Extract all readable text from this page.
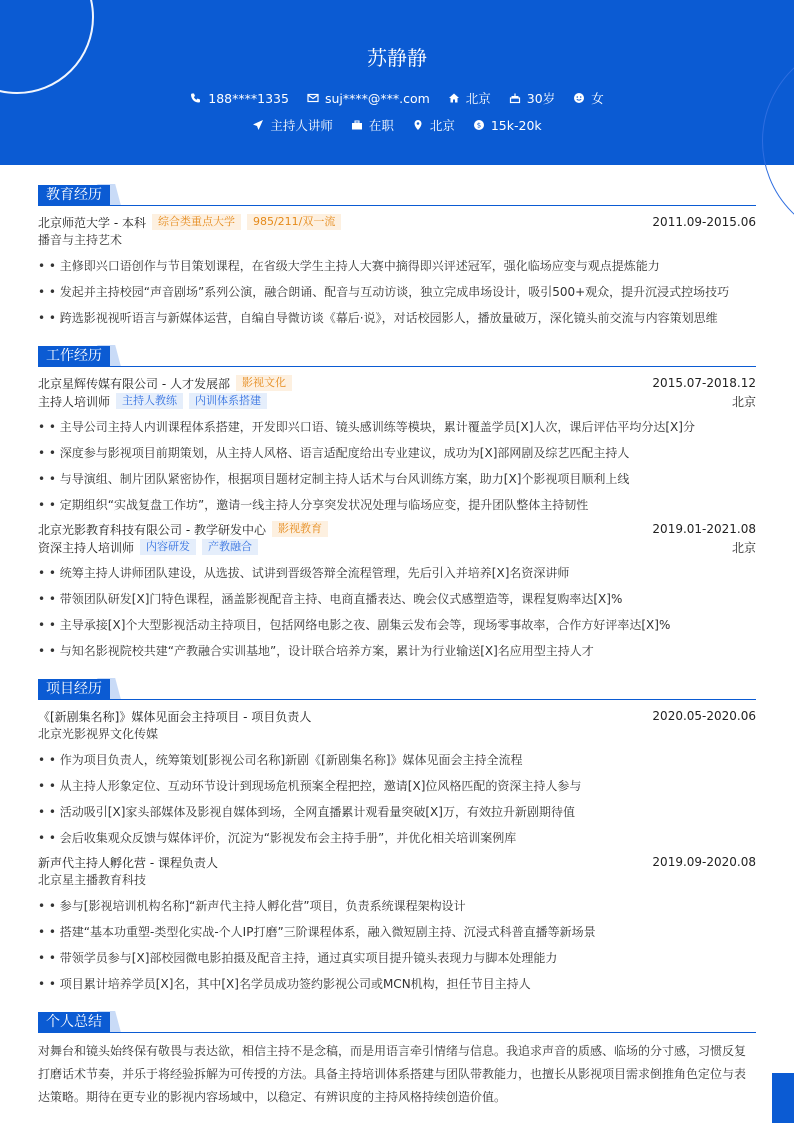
苏静静
188****1335	suj****@***.com	北京	30岁	女
主持人讲师	在职	北京	$ 15k-20k
教育经历
北京师范大学 - 本科	综合类重点大学	985/211/双一流	2011.09-2015.06
播音与主持艺术
• • 主修即兴口语创作与节目策划课程，在省级大学生主持人大赛中摘得即兴评述冠军，强化临场应变与观点提炼能力
• • 发起并主持校园“声音剧场”系列公演，融合朗诵、配音与互动访谈，独立完成串场设计，吸引500+观众，提升沉浸式控场技巧
• • 跨选影视视听语言与新媒体运营，自编自导微访谈《幕后·说》，对话校园影人，播放量破万，深化镜头前交流与内容策划思维
工作经历
北京星辉传媒有限公司 - 人才发展部	影视文化	2015.07-2018.12
主持人培训师	主持人教练	内训体系搭建	北京
• • 主导公司主持人内训课程体系搭建，开发即兴口语、镜头感训练等模块，累计覆盖学员[X]人次，课后评估平均分达[X]分
• • 深度参与影视项目前期策划，从主持人风格、语言适配度给出专业建议，成功为[X]部网剧及综艺匹配主持人
• • 与导演组、制片团队紧密协作，根据项目题材定制主持人话术与台风训练方案，助力[X]个影视项目顺利上线
• • 定期组织“实战复盘工作坊”，邀请一线主持人分享突发状况处理与临场应变，提升团队整体主持韧性
北京光影教育科技有限公司 - 教学研发中心	影视教育	2019.01-2021.08
资深主持人培训师	内容研发	产教融合	北京
• • 统筹主持人讲师团队建设，从选拔、试讲到晋级答辩全流程管理，先后引入并培养[X]名资深讲师
• • 带领团队研发[X]门特色课程，涵盖影视配音主持、电商直播表达、晚会仪式感塑造等，课程复购率达[X]%
• • 主导承接[X]个大型影视活动主持项目，包括网络电影之夜、剧集云发布会等，现场零事故率，合作方好评率达[X]%
• • 与知名影视院校共建“产教融合实训基地”，设计联合培养方案，累计为行业输送[X]名应用型主持人才
项目经历
《[新剧集名称]》媒体见面会主持项目 - 项目负责人	2020.05-2020.06
北京光影视界文化传媒
• • 作为项目负责人，统筹策划[影视公司名称]新剧《[新剧集名称]》媒体见面会主持全流程
• • 从主持人形象定位、互动环节设计到现场危机预案全程把控，邀请[X]位风格匹配的资深主持人参与
• • 活动吸引[X]家头部媒体及影视自媒体到场，全网直播累计观看量突破[X]万，有效拉升新剧期待值
• • 会后收集观众反馈与媒体评价，沉淀为“影视发布会主持手册”，并优化相关培训案例库
新声代主持人孵化营 - 课程负责人	2019.09-2020.08
北京星主播教育科技
• • 参与[影视培训机构名称]“新声代主持人孵化营”项目，负责系统课程架构设计
• • 搭建“基本功重塑-类型化实战-个人IP打磨”三阶课程体系，融入微短剧主持、沉浸式科普直播等新场景
• • 带领学员参与[X]部校园微电影拍摄及配音主持，通过真实项目提升镜头表现力与脚本处理能力
• • 项目累计培养学员[X]名，其中[X]名学员成功签约影视公司或MCN机构，担任节目主持人
个人总结
对舞台和镜头始终保有敬畏与表达欲，相信主持不是念稿，而是用语言牵引情绪与信息。我追求声音的质感、临场的分寸感，习惯反复打磨话术节奏，并乐于将经验拆解为可传授的方法。具备主持培训体系搭建与团队带教能力，也擅长从影视项目需求倒推角色定位与表达策略。期待在更专业的影视内容场域中，以稳定、有辨识度的主持风格持续创造价值。
